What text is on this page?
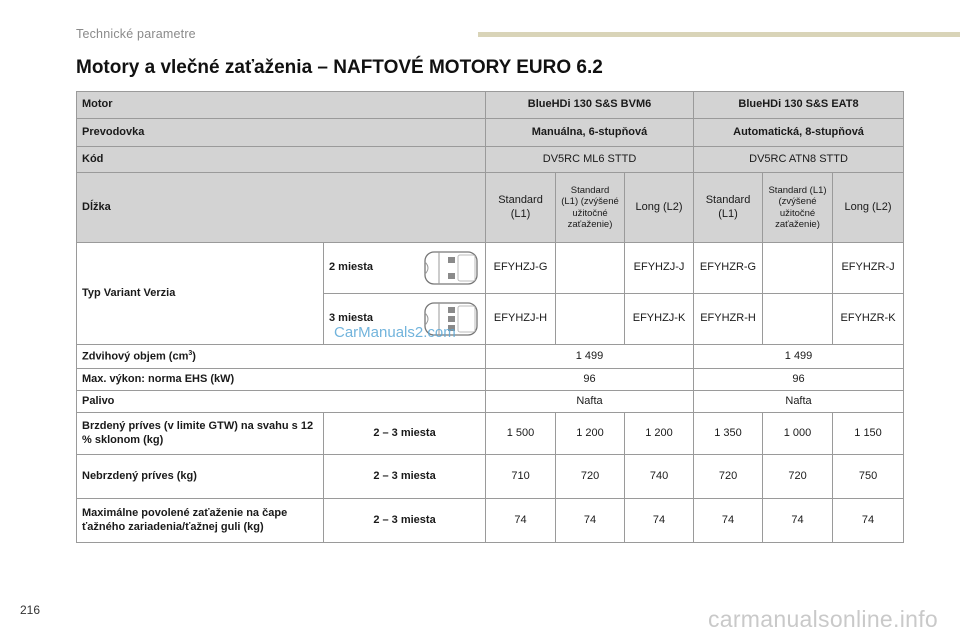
Technické parametre
Motory a vlečné zaťaženia – NAFTOVÉ MOTORY EURO 6.2
Motor		BlueHDi 130 S&S BVM6			BlueHDi 130 S&S EAT8		
Prevodovka		Manuálna, 6-stupňová			Automatická, 8-stupňová		
Kód		DV5RC ML6 STTD			DV5RC ATN8 STTD		
Dĺžka		Standard (L1)	Standard (L1) (zvýšené užitočné zaťaženie)	Long (L2)	Standard (L1)	Standard (L1) (zvýšené užitočné zaťaženie)	Long (L2)
Typ Variant Verzia	2 miesta	EFYHZJ-G		EFYHZJ-J	EFYHZR-G		EFYHZR-J

	3 miesta	EFYHZJ-H		EFYHZJ-K	EFYHZR-H		EFYHZR-K
Zdvihový objem $(cm^3)$		1 499			1 499		
Max. výkon: norma EHS (kW)		96			96		
Palivo		Nafta			Nafta		
Brzdený príves (v limite GTW) na svahu s 12 % sklonom (kg)	2 – 3 miesta	1 500	1 200	1 200	1 350	1 000	1 150
Nebrzdený príves (kg)	2 – 3 miesta	710	720	740	720	720	750
Maximálne povolené zaťaženie na čape ťažného zariadenia/ťažnej guli (kg)	2 – 3 miesta	74	74	74	74	74	74
CarManuals2.com
216	carmanualsonline.info
